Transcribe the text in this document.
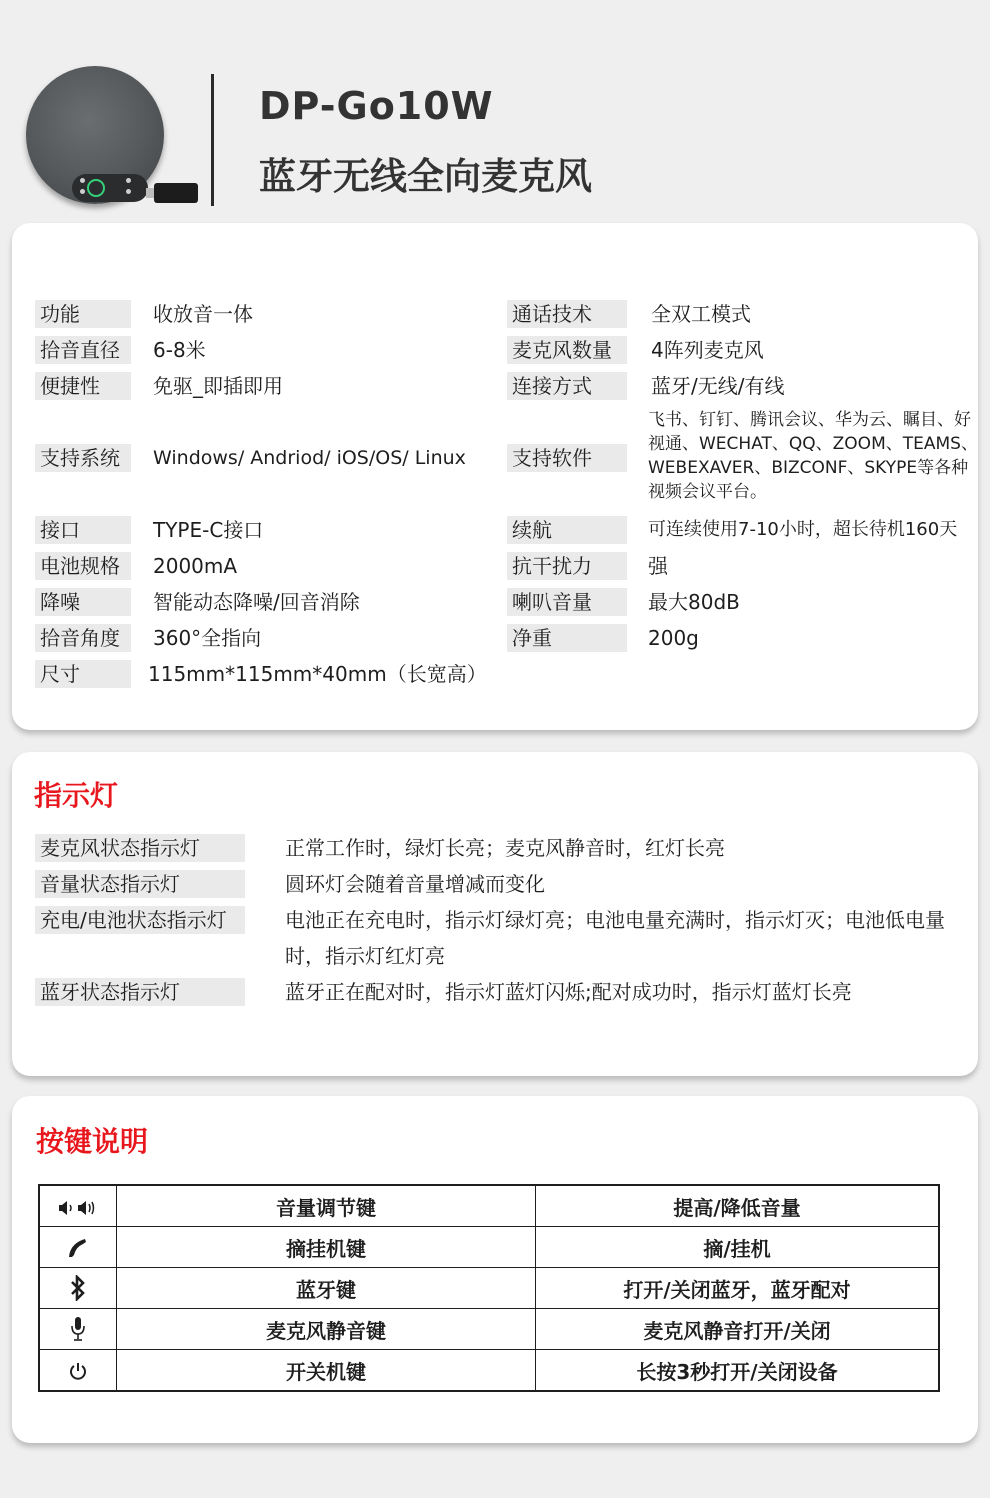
DP-Go10W
蓝牙无线全向麦克风
功能	收放音一体
拾音直径	6-8米
便捷性	免驱_即插即用
支持系统	Windows/ Andriod/ iOS/OS/ Linux
接口	TYPE-C接口
电池规格	2000mA
降噪	智能动态降噪/回音消除
拾音角度	360°全指向
尺寸	115mm*115mm*40mm（长宽高）
通话技术	全双工模式
麦克风数量	4阵列麦克风
连接方式	蓝牙/无线/有线
支持软件
飞书、钉钉、腾讯会议、华为云、瞩目、好视通、WECHAT、QQ、ZOOM、TEAMS、WEBEXAVER、BIZCONF、SKYPE等各种视频会议平台。
续航	可连续使用7-10小时，超长待机160天
抗干扰力	强
喇叭音量	最大80dB
净重	200g
指示灯
麦克风状态指示灯	正常工作时，绿灯长亮；麦克风静音时，红灯长亮
音量状态指示灯	圆环灯会随着音量增减而变化
充电/电池状态指示灯	电池正在充电时，指示灯绿灯亮；电池电量充满时，指示灯灭；电池低电量时，指示灯红灯亮
蓝牙状态指示灯	蓝牙正在配对时，指示灯蓝灯闪烁;配对成功时，指示灯蓝灯长亮
按键说明
	音量调节键	提高/降低音量
	摘挂机键	摘/挂机
	蓝牙键	打开/关闭蓝牙，蓝牙配对
	麦克风静音键	麦克风静音打开/关闭
	开关机键	长按3秒打开/关闭设备
